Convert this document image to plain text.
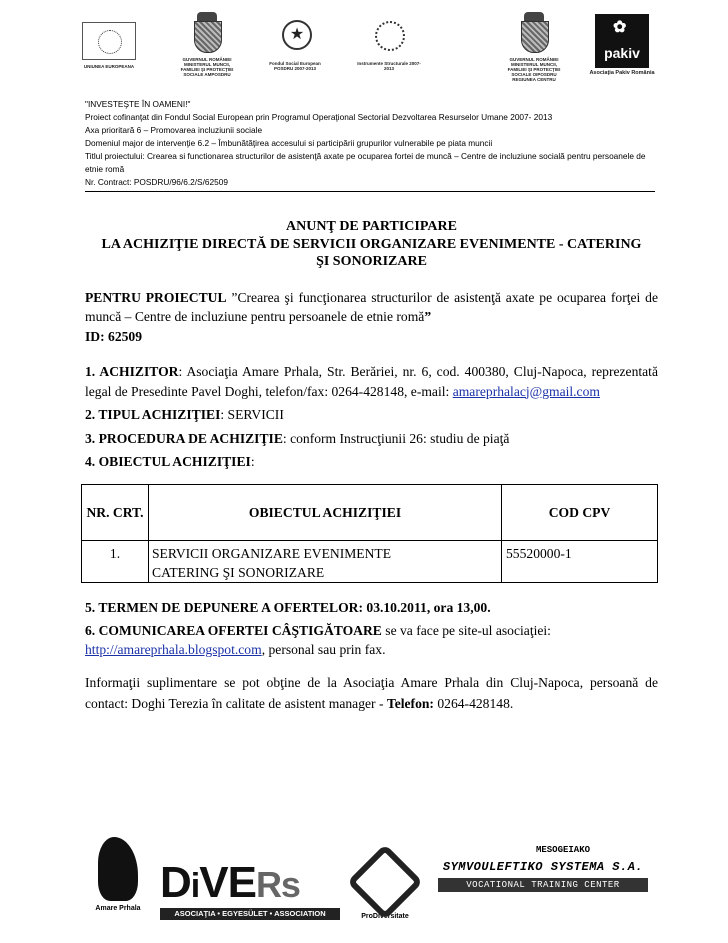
UNIUNEA EUROPEANA
GUVERNUL ROMÂNIEI MINISTERUL MUNCII, FAMILIEI ŞI PROTECŢIEI SOCIALE AMPOSDRU
★
Fondul Social European POSDRU 2007-2013
Instrumente Structurale 2007-2013
GUVERNUL ROMÂNIEI MINISTERUL MUNCII, FAMILIEI ŞI PROTECŢIEI SOCIALE OIPOSDRU REGIUNEA CENTRU
✿
pakiv
Asociaţia Pakiv România

"INVESTEŞTE ÎN OAMENI!"

Proiect cofinanţat din Fondul Social European prin Programul Operaţional Sectorial Dezvoltarea Resurselor Umane 2007- 2013

Axa prioritară 6 – Promovarea incluziunii sociale

Domeniul major de intervenţie 6.2 – Îmbunătăţirea accesului si participării grupurilor vulnerabile pe piata muncii

Titlul proiectului: Crearea si functionarea structurilor de asistenţă axate pe ocuparea fortei de muncă – Centre de incluziune socială pentru persoanele de etnie romă

Nr. Contract: POSDRU/96/6.2/S/62509

ANUNŢ DE PARTICIPARE
LA ACHIZIŢIE DIRECTĂ DE SERVICII ORGANIZARE EVENIMENTE - CATERING
ŞI SONORIZARE

PENTRU PROIECTUL ”Crearea şi funcţionarea structurilor de asistenţă axate pe ocuparea forţei de muncă – Centre de incluziune pentru persoanele de etnie romă”
ID: 62509

1. ACHIZITOR: Asociaţia Amare Prhala, Str. Berăriei, nr. 6, cod. 400380, Cluj-Napoca, reprezentată legal de Presedinte Pavel Doghi, telefon/fax: 0264-428148, e-mail: amareprhalacj@gmail.com

2. TIPUL ACHIZIŢIEI: SERVICII

3. PROCEDURA DE ACHIZIŢIE: conform Instrucţiunii 26: studiu de piaţă

4. OBIECTUL ACHIZIŢIEI:

NR. CRT.	OBIECTUL ACHIZIŢIEI	COD CPV
1.	SERVICII ORGANIZARE EVENIMENTE CATERING ŞI SONORIZARE	55520000-1

5. TERMEN DE DEPUNERE A OFERTELOR: 03.10.2011, ora 13,00.

6. COMUNICAREA OFERTEI CÂŞTIGĂTOARE se va face pe site-ul asociaţiei:
http://amareprhala.blogspot.com, personal sau prin fax.

Informaţii suplimentare se pot obţine de la Asociaţia Amare Prhala din Cluj-Napoca, persoană de contact: Doghi Terezia în calitate de asistent manager - Telefon: 0264-428148.

Amare Prhala
DiVERs
ASOCIAŢIA • EGYESÜLET • ASSOCIATION	ProDiversitate
MESOGEIAKO
SYMVOULEFTIKO SYSTEMA S.A.
VOCATIONAL TRAINING CENTER
